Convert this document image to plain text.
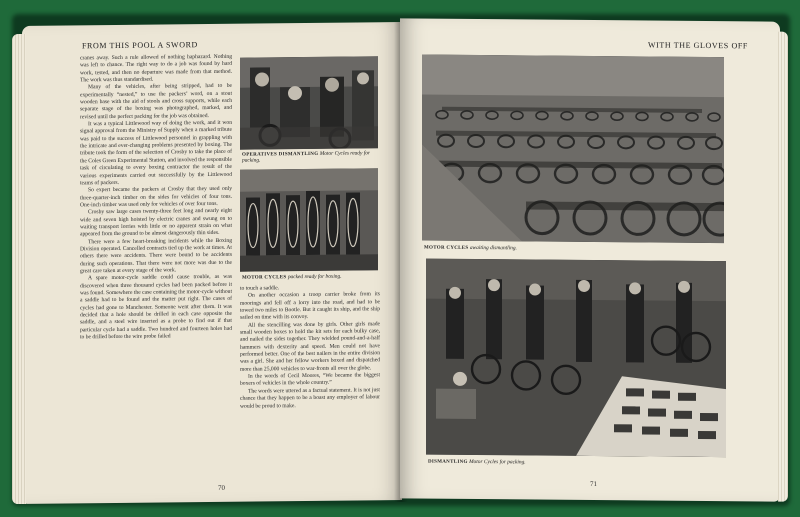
FROM THIS POOL A SWORD

cranes away. Such a rule allowed of nothing haphazard. Nothing was left to chance. The right way to do a job was found by hard work, tested, and then no departure was made from that method. The work was thus standardised.

Many of the vehicles, after being stripped, had to be experimentally “nested,” to use the packers’ word, on a stout wooden base with the aid of stools and cross supports, while each separate stage of the boxing was photographed, marked, and revised until the perfect packing for the job was obtained.

It was a typical Littlewood way of doing the work, and it won signal approval from the Ministry of Supply when a marked tribute was paid to the success of Littlewood personnel in grappling with the intricate and ever-changing problems presented by boxing. The tribute took the form of the selection of Crosby to take the place of the Coles Green Experimental Station, and involved the responsible task of circulating to every boxing contractor the result of the various experiments carried out successfully by the Littlewood teams of packers.

So expert became the packers at Crosby that they used only three-quarter-inch timber on the sides for vehicles of four tons. One-inch timber was used only for vehicles of over four tons.

Crosby saw large cases twenty-three feet long and nearly eight wide and seven high hoisted by electric cranes and swung on to waiting transport lorries with little or no apparent strain on what appeared from the ground to be almost dangerously thin sides.

There were a few heart-breaking incidents while the Boxing Division operated. Cancelled contracts tied up the work at times. At others there were accidents. There were bound to be accidents during such operations. That there were not more was due to the great care taken at every stage of the work.

A spare motor-cycle saddle could cause trouble, as was discovered when three thousand cycles had been packed before it was found. Somewhere the case containing the motor-cycle without a saddle had to be found and the matter put right. The cases of cycles had gone to Manchester. Someone went after them. It was decided that a hole should be drilled in each case opposite the saddle, and a steel wire inserted as a probe to find out if that particular cycle had a saddle. Two hundred and fourteen holes had to be drilled before the wire probe failed

OPERATIVES DISMANTLING Motor Cycles ready for packing.
MOTOR CYCLES packed ready for boxing.

to touch a saddle.

On another occasion a troop carrier broke from its moorings and fell off a lorry into the road, and had to be towed two miles to Bootle. But it caught its ship, and the ship sailed on time with its convoy.

All the stencilling was done by girls. Other girls made small wooden boxes to hold the kit sets for each bulky case, and nailed the sides together. They wielded pound-and-a-half hammers with dexterity and speed. Men could not have performed better. One of the best nailers in the entire division was a girl. She and her fellow workers boxed and dispatched more than 25,000 vehicles to war-fronts all over the globe.

In the words of Cecil Moores, “We became the biggest boxers of vehicles in the whole country.”

The words were uttered as a factual statement. It is not just chance that they happen to be a boast any employer of labour would be proud to make.

70
WITH THE GLOVES OFF
MOTOR CYCLES awaiting dismantling.
DISMANTLING Motor Cycles for packing.
71
